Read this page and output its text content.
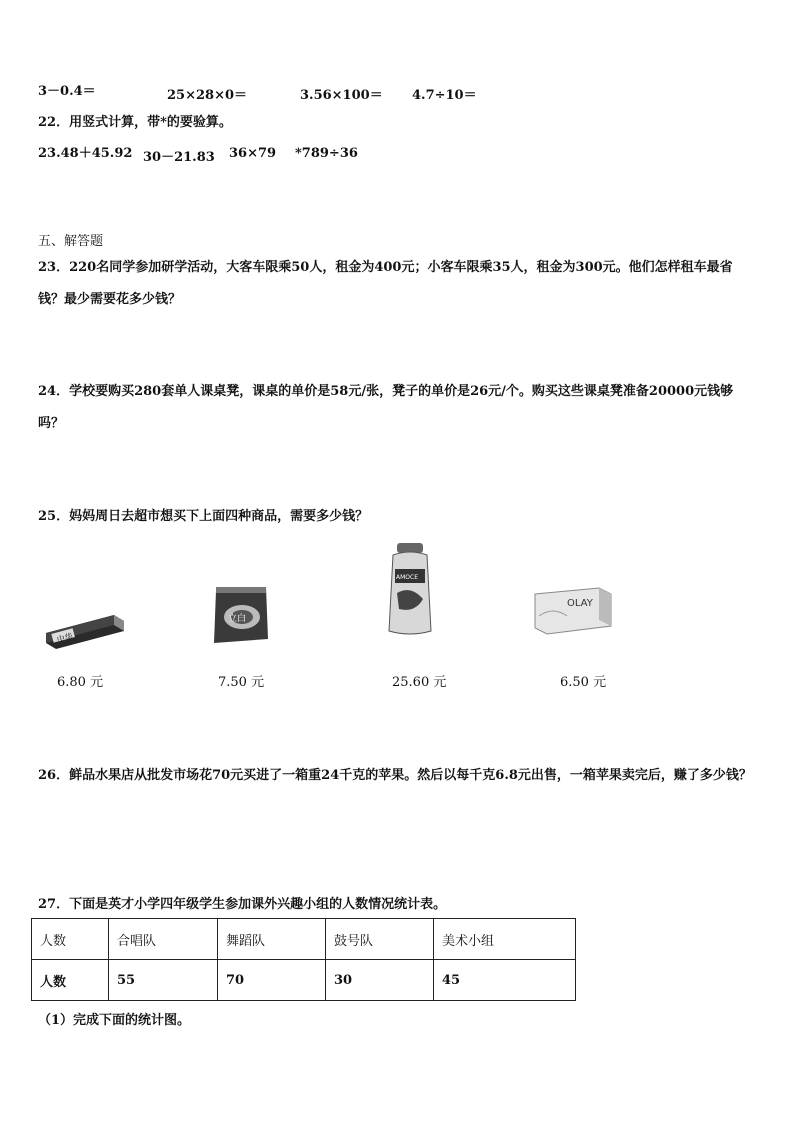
3－0.4＝	25×28×0＝	3.56×100＝ 4.7÷10＝
22．用竖式计算，带*的要验算。
23.48＋45.92 30－21.83 36×79 *789÷36
五、解答题
23．220名同学参加研学活动，大客车限乘50人，租金为400元；小客车限乘35人，租金为300元。他们怎样租车最省钱？最少需要花多少钱？
24．学校要购买280套单人课桌凳，课桌的单价是58元/张，凳子的单价是26元/个。购买这些课桌凳准备20000元钱够吗？
25．妈妈周日去超市想买下上面四种商品，需要多少钱？
中华
6.80 元
立白
7.50 元
AMOCE
25.60 元
OLAY
6.50 元
26．鲜品水果店从批发市场花70元买进了一箱重24千克的苹果。然后以每千克6.8元出售，一箱苹果卖完后，赚了多少钱？
27．下面是英才小学四年级学生参加课外兴趣小组的人数情况统计表。
人数	合唱队	舞蹈队	鼓号队	美术小组
人数	55	70	30	45
（1）完成下面的统计图。
